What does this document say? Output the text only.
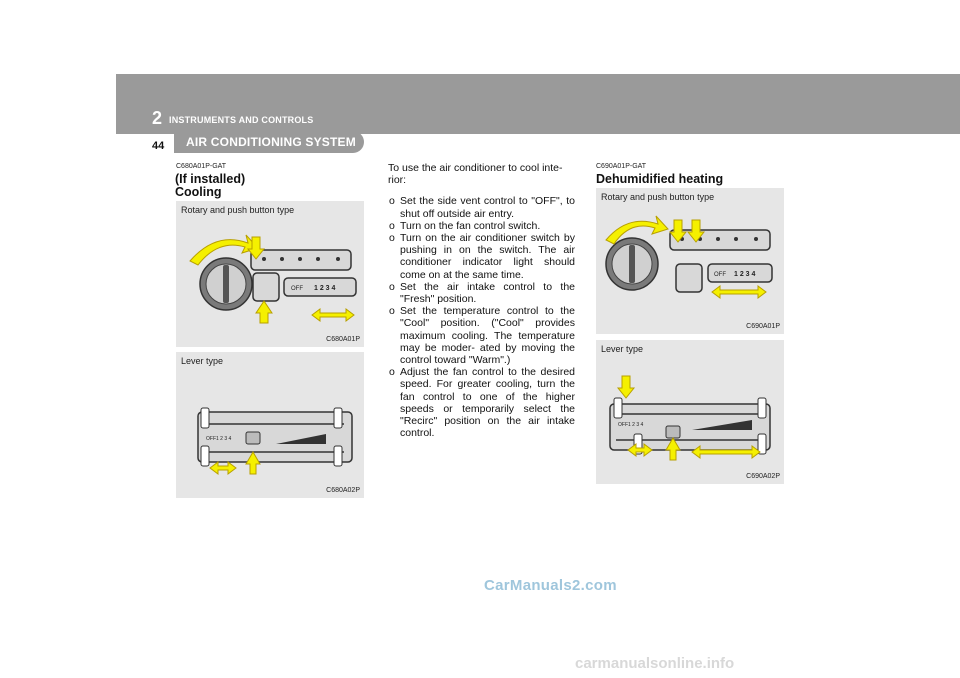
2 INSTRUMENTS AND CONTROLS
44 AIR CONDITIONING SYSTEM
C680A01P-GAT
(If installed)
Cooling
OFF 1 2 3 4
Rotary and push button type
C680A01P
OFF 1 2 3 4
Lever type
C680A02P

To use the air conditioner to cool inte- rior:

o Set the side vent control to "OFF", to shut off outside air entry.
o Turn on the fan control switch.
o Turn on the air conditioner switch by pushing in on the switch. The air conditioner indicator light should come on at the same time.
o Set the air intake control to the "Fresh" position.
o Set the temperature control to the "Cool" position. ("Cool" provides maximum cooling. The temperature may be moder- ated by moving the control toward "Warm".)
o Adjust the fan control to the desired speed. For greater cooling, turn the fan control to one of the higher speeds or temporarily select the "Recirc" position on the air intake control.
C690A01P-GAT
Dehumidified heating
OFF 1 2 3 4
Rotary and push button type
C690A01P
OFF 1 2 3 4
Lever type
C690A02P
CarManuals2.com
carmanualsonline.info
